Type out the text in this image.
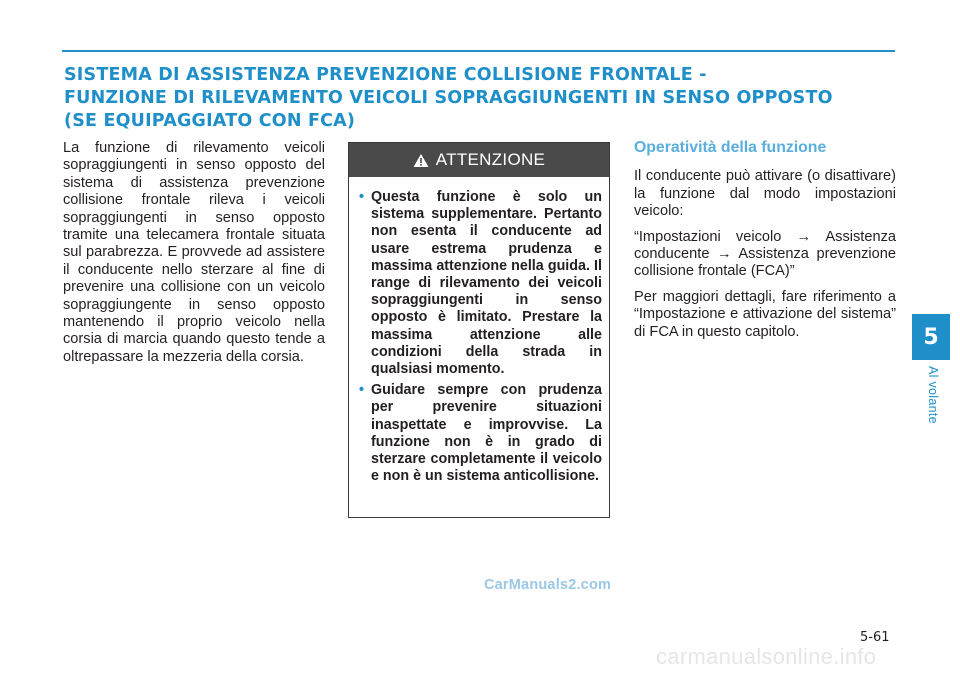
SISTEMA DI ASSISTENZA PREVENZIONE COLLISIONE FRONTALE -
FUNZIONE DI RILEVAMENTO VEICOLI SOPRAGGIUNGENTI IN SENSO OPPOSTO
(SE EQUIPAGGIATO CON FCA)
La funzione di rilevamento veicoli sopraggiungenti in senso opposto del sistema di assistenza prevenzione collisione frontale rileva i veicoli sopraggiungenti in senso opposto tramite una telecamera frontale situata sul parabrezza. E provvede ad assistere il conducente nello sterzare al fine di prevenire una collisione con un veicolo sopraggiungente in senso opposto mantenendo il proprio veicolo nella corsia di marcia quando questo tende a oltrepassare la mezzeria della corsia.
ATTENZIONE
• Questa funzione è solo un sistema supplementare. Pertanto non esenta il conducente ad usare estrema prudenza e massima attenzione nella guida. Il range di rilevamento dei veicoli sopraggiungenti in senso opposto è limitato. Prestare la massima attenzione alle condizioni della strada in qualsiasi momento.
• Guidare sempre con prudenza per prevenire situazioni inaspettate e improvvise. La funzione non è in grado di sterzare completamente il veicolo e non è un sistema anticollisione.
Operatività della funzione

Il conducente può attivare (o disattivare) la funzione dal modo impostazioni veicolo:

“Impostazioni veicolo → Assistenza conducente → Assistenza prevenzione collisione frontale (FCA)”

Per maggiori dettagli, fare riferimento a “Impostazione e attivazione del sistema” di FCA in questo capitolo.	5
Al volante
CarManuals2.com
5-61
carmanualsonline.info
